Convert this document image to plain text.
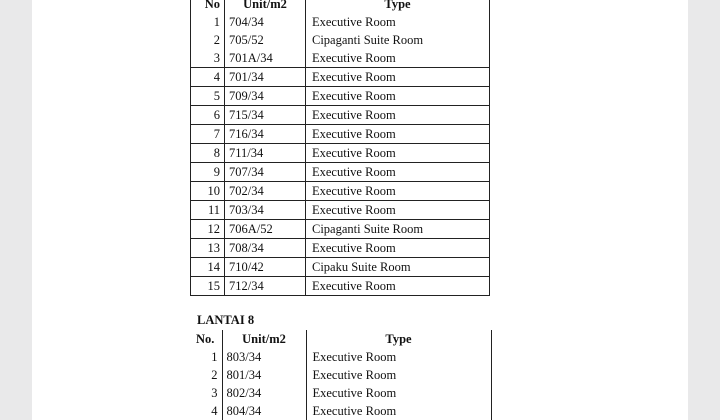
No	Unit/m2	Type
1	704/34	Executive Room
2	705/52	Cipaganti Suite Room
3	701A/34	Executive Room
4	701/34	Executive Room
5	709/34	Executive Room
6	715/34	Executive Room
7	716/34	Executive Room
8	711/34	Executive Room
9	707/34	Executive Room
10	702/34	Executive Room
11	703/34	Executive Room
12	706A/52	Cipaganti Suite Room
13	708/34	Executive Room
14	710/42	Cipaku Suite Room
15	712/34	Executive Room
LANTAI 8
No.	Unit/m2	Type
1	803/34	Executive Room
2	801/34	Executive Room
3	802/34	Executive Room
4	804/34	Executive Room
